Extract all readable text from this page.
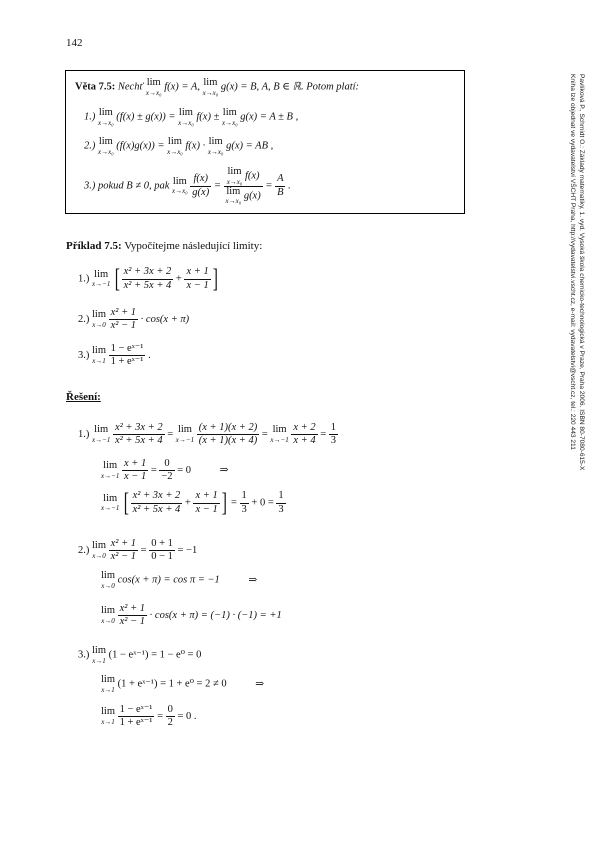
142
Věta 7.5: Nechť lim
x→x₀ f(x) = A, lim
x→x₀ g(x) = B, A, B ∈ ℝ. Potom platí:
1.) lim
x→x₀ (f(x) ± g(x)) = lim
x→x₀ f(x) ± lim
x→x₀ g(x) = A ± B ,
2.) lim
x→x₀ (f(x)g(x)) = lim
x→x₀ f(x) · lim
x→x₀ g(x) = AB ,
3.) pokud B ≠ 0, pak lim
x→x₀
$\frac{f(x)}{g(x)} = \lim$
x→x₀ f(x)
lim
x→x₀ $g(x) = \frac{A}{B}$ .
Příklad 7.5: Vypočítejme následující limity:
1.) lim
x→−1 [ $\frac{\text{x² + 3x + 2}}{\text{x² + 5x + 4}} + \frac{x + 1}{x - 1}$ ]
2.) lim
x→0
$\frac{\text{x² + 1}}{\text{x² − 1}} \cdot \cos(x + \pi)$
3.) lim
x→1
$\frac{\text{1 − eˣ⁻¹}}{\text{1 + eˣ⁻¹}}$ .
Řešení:
1.) lim
x→−1
$\frac{\text{x² + 3x + 2}}{\text{x² + 5x + 4}} = \lim$
x→−1
$\frac{(x + 1)(x + 2)}{(x + 1)(x + 4)} = \lim$
x→−1
$\frac{x + 2}{x + 4} = \frac{1}{3}$
lim
x→−1
$\frac{x + 1}{x - 1} = \frac{0}{-2} = 0$	⇒
lim
x→−1 [ $\frac{\text{x² + 3x + 2}}{\text{x² + 5x + 4}} + \frac{x + 1}{x - 1}$ ] = $\frac{1}{3} + 0 = \frac{1}{3}$
2.) lim
x→0
$\frac{\text{x² + 1}}{\text{x² − 1}} = \frac{0 + 1}{0 - 1} = -1$
lim
x→0 cos(x + π) = cos π = −1	⇒
lim
x→0
$\frac{\text{x² + 1}}{\text{x² − 1}} \cdot \cos(x + \pi) = (-1) \cdot (-1) = +1$
3.) lim
x→1 (1 − eˣ⁻¹) = 1 − e⁰ = 0
lim
x→1 (1 + eˣ⁻¹) = 1 + e⁰ = 2 ≠ 0	⇒
lim
x→1
$\frac{\text{1 − eˣ⁻¹}}{\text{1 + eˣ⁻¹}} = \frac{0}{2} = 0$ .
Pavlíková P., Schmidt O.: Základy matematiky, 1. vyd. Vysoká škola chemicko-technologická v Praze, Praha 2006. ISBN 80-7080-615-X
Kniha lze objednat ve vydavatelství VŠCHT Praha, http://vydavatelstvi.vscht.cz, e-mail: vydavatelstvi@vscht.cz, tel.: 220 443 211
